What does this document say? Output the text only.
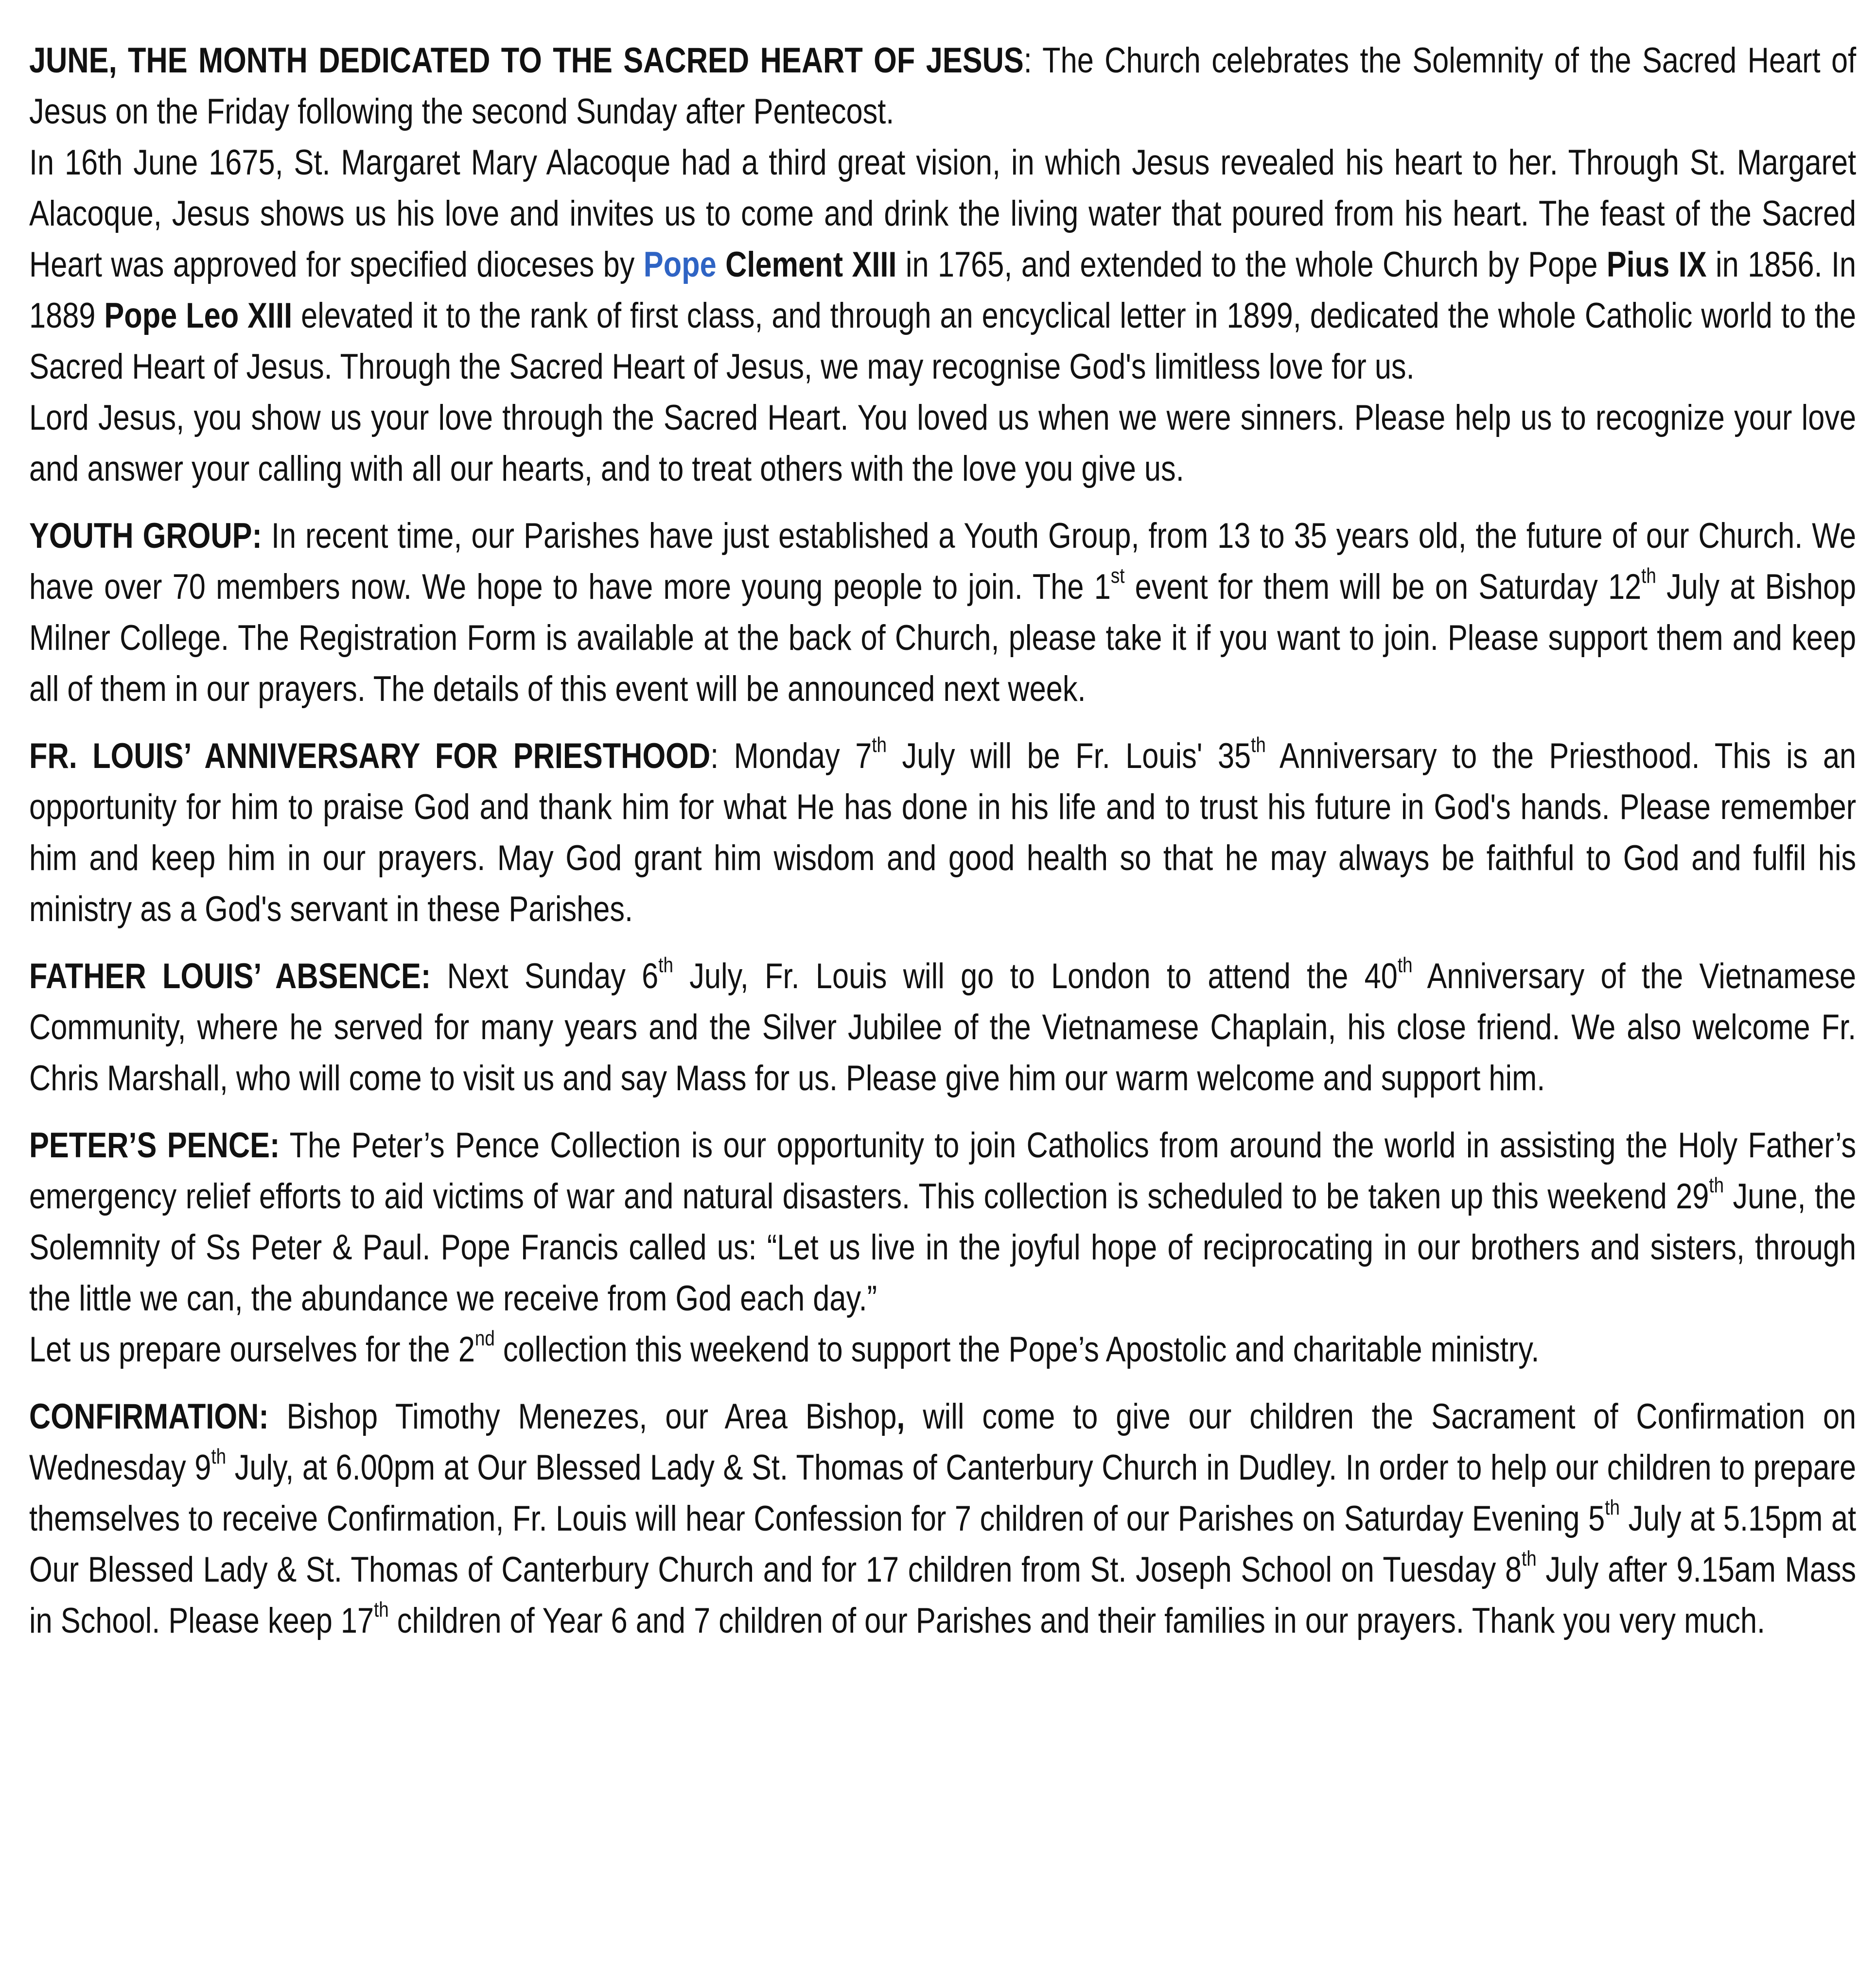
JUNE, THE MONTH DEDICATED TO THE SACRED HEART OF JESUS: The Church celebrates the Solemnity of the Sacred Heart of Jesus on the Friday following the second Sunday after Pentecost.

In 16th June 1675, St. Margaret Mary Alacoque had a third great vision, in which Jesus revealed his heart to her. Through St. Margaret Alacoque, Jesus shows us his love and invites us to come and drink the living water that poured from his heart. The feast of the Sacred Heart was approved for specified dioceses by Pope Clement XIII in 1765, and extended to the whole Church by Pope Pius IX in 1856. In 1889 Pope Leo XIII elevated it to the rank of first class, and through an encyclical letter in 1899, dedicated the whole Catholic world to the Sacred Heart of Jesus. Through the Sacred Heart of Jesus, we may recognise God's limitless love for us.

Lord Jesus, you show us your love through the Sacred Heart. You loved us when we were sinners. Please help us to recognize your love and answer your calling with all our hearts, and to treat others with the love you give us.

YOUTH GROUP: In recent time, our Parishes have just established a Youth Group, from 13 to 35 years old, the future of our Church. We have over 70 members now. We hope to have more young people to join. The 1st event for them will be on Saturday 12th July at Bishop Milner College. The Registration Form is available at the back of Church, please take it if you want to join. Please support them and keep all of them in our prayers. The details of this event will be announced next week.

FR. LOUIS’ ANNIVERSARY FOR PRIESTHOOD: Monday 7th July will be Fr. Louis' 35th Anniversary to the Priesthood. This is an opportunity for him to praise God and thank him for what He has done in his life and to trust his future in God's hands. Please remember him and keep him in our prayers. May God grant him wisdom and good health so that he may always be faithful to God and fulfil his ministry as a God's servant in these Parishes.

FATHER LOUIS’ ABSENCE: Next Sunday 6th July, Fr. Louis will go to London to attend the 40th Anniversary of the Vietnamese Community, where he served for many years and the Silver Jubilee of the Vietnamese Chaplain, his close friend. We also welcome Fr. Chris Marshall, who will come to visit us and say Mass for us. Please give him our warm welcome and support him.

PETER’S PENCE: The Peter’s Pence Collection is our opportunity to join Catholics from around the world in assisting the Holy Father’s emergency relief efforts to aid victims of war and natural disasters. This collection is scheduled to be taken up this weekend 29th June, the Solemnity of Ss Peter & Paul. Pope Francis called us: “Let us live in the joyful hope of reciprocating in our brothers and sisters, through the little we can, the abundance we receive from God each day.”

Let us prepare ourselves for the 2nd collection this weekend to support the Pope’s Apostolic and charitable ministry.

CONFIRMATION: Bishop Timothy Menezes, our Area Bishop, will come to give our children the Sacrament of Confirmation on Wednesday 9th July, at 6.00pm at Our Blessed Lady & St. Thomas of Canterbury Church in Dudley. In order to help our children to prepare themselves to receive Confirmation, Fr. Louis will hear Confession for 7 children of our Parishes on Saturday Evening 5th July at 5.15pm at Our Blessed Lady & St. Thomas of Canterbury Church and for 17 children from St. Joseph School on Tuesday 8th July after 9.15am Mass in School. Please keep 17th children of Year 6 and 7 children of our Parishes and their families in our prayers. Thank you very much.
